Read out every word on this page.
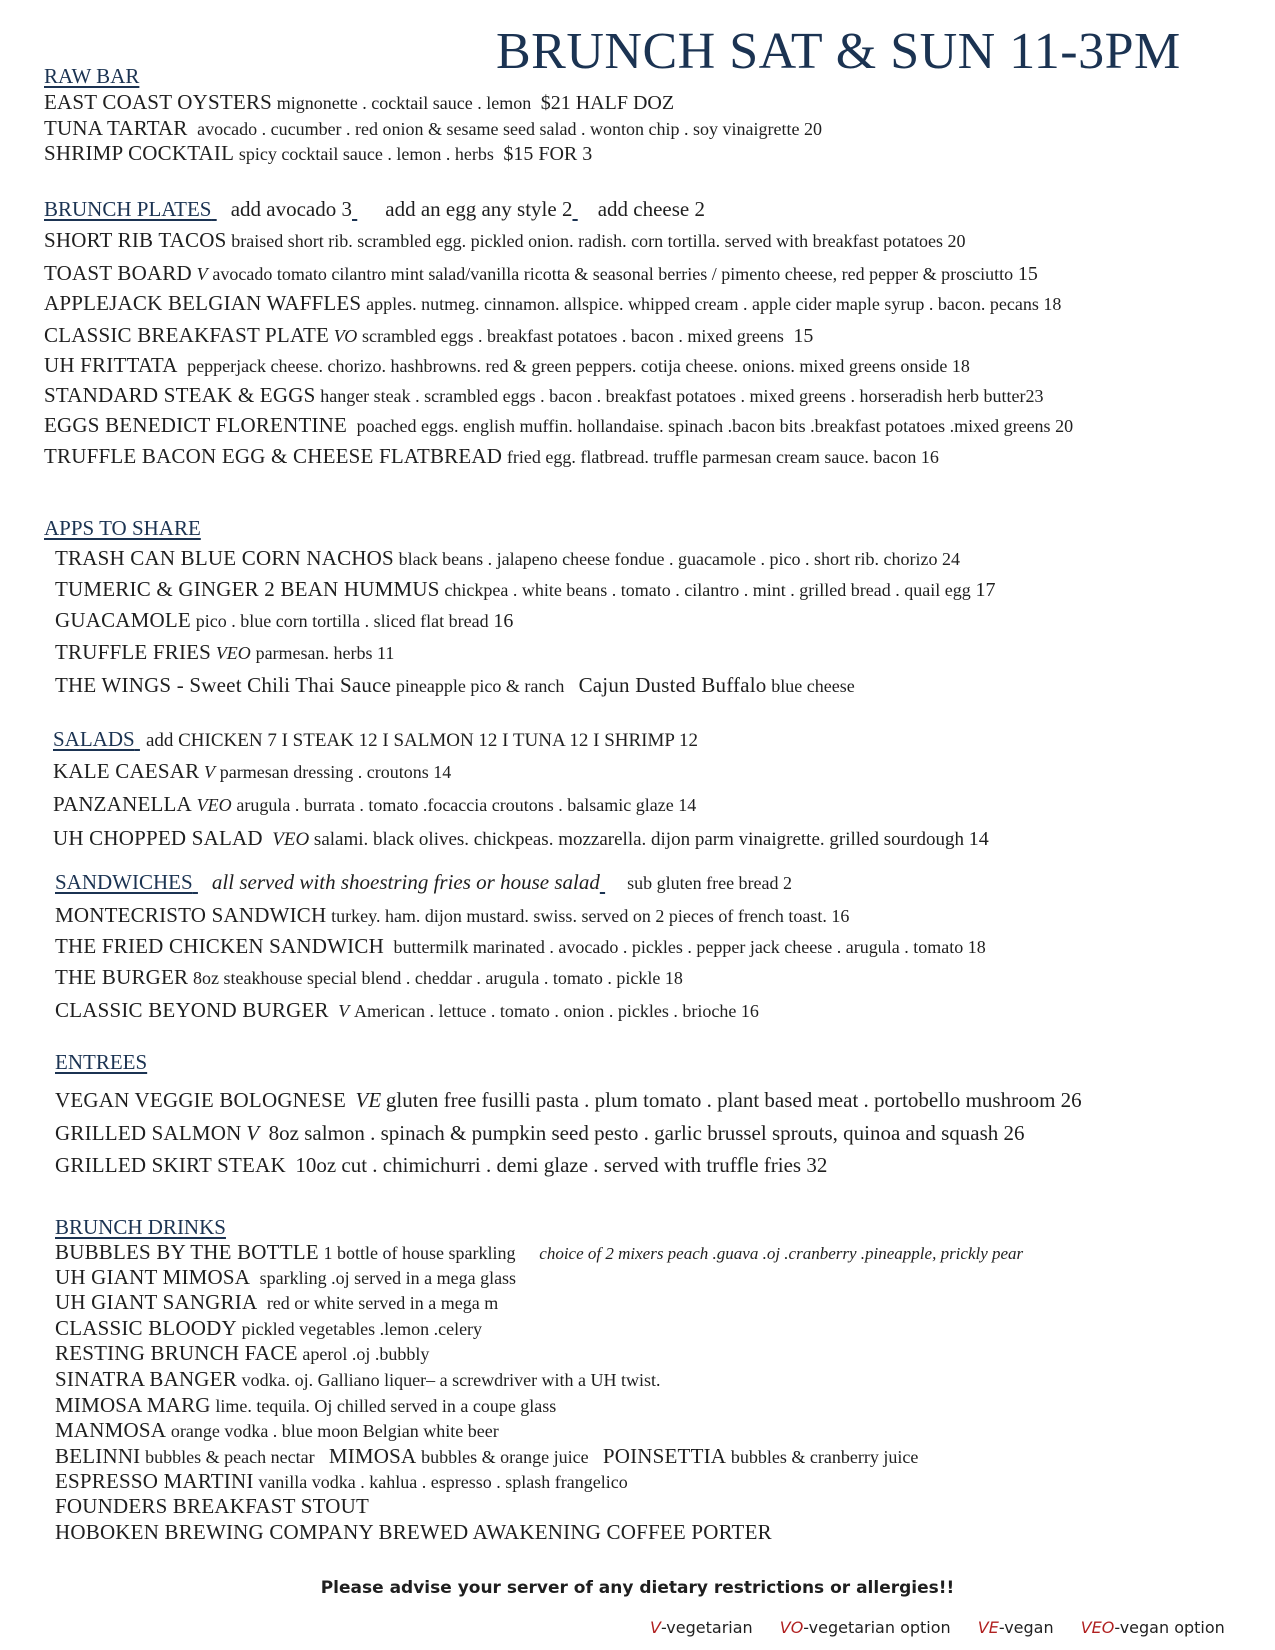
BRUNCH SAT & SUN 11-3PM
RAW BAR
EAST COAST OYSTERS mignonette . cocktail sauce . lemon $21 HALF DOZ
TUNA TARTAR avocado . cucumber . red onion & sesame seed salad . wonton chip . soy vinaigrette 20
SHRIMP COCKTAIL spicy cocktail sauce . lemon . herbs $15 FOR 3
BRUNCH PLATES add avocado 3 add an egg any style 2 add cheese 2
SHORT RIB TACOS braised short rib. scrambled egg. pickled onion. radish. corn tortilla. served with breakfast potatoes 20
TOAST BOARD V avocado tomato cilantro mint salad/vanilla ricotta & seasonal berries / pimento cheese, red pepper & prosciutto 15
APPLEJACK BELGIAN WAFFLES apples. nutmeg. cinnamon. allspice. whipped cream . apple cider maple syrup . bacon. pecans 18
CLASSIC BREAKFAST PLATE VO scrambled eggs . breakfast potatoes . bacon . mixed greens 15
UH FRITTATA pepperjack cheese. chorizo. hashbrowns. red & green peppers. cotija cheese. onions. mixed greens onside 18
STANDARD STEAK & EGGS hanger steak . scrambled eggs . bacon . breakfast potatoes . mixed greens . horseradish herb butter23
EGGS BENEDICT FLORENTINE poached eggs. english muffin. hollandaise. spinach .bacon bits .breakfast potatoes .mixed greens 20
TRUFFLE BACON EGG & CHEESE FLATBREAD fried egg. flatbread. truffle parmesan cream sauce. bacon 16
APPS TO SHARE
TRASH CAN BLUE CORN NACHOS black beans . jalapeno cheese fondue . guacamole . pico . short rib. chorizo 24
TUMERIC & GINGER 2 BEAN HUMMUS chickpea . white beans . tomato . cilantro . mint . grilled bread . quail egg 17
GUACAMOLE pico . blue corn tortilla . sliced flat bread 16
TRUFFLE FRIES VEO parmesan. herbs 11
THE WINGS - Sweet Chili Thai Sauce pineapple pico & ranch Cajun Dusted Buffalo blue cheese
SALADS add CHICKEN 7 I STEAK 12 I SALMON 12 I TUNA 12 I SHRIMP 12
KALE CAESAR V parmesan dressing . croutons 14
PANZANELLA VEO arugula . burrata . tomato .focaccia croutons . balsamic glaze 14
UH CHOPPED SALAD VEO salami. black olives. chickpeas. mozzarella. dijon parm vinaigrette. grilled sourdough 14
SANDWICHES all served with shoestring fries or house salad sub gluten free bread 2
MONTECRISTO SANDWICH turkey. ham. dijon mustard. swiss. served on 2 pieces of french toast. 16
THE FRIED CHICKEN SANDWICH buttermilk marinated . avocado . pickles . pepper jack cheese . arugula . tomato 18
THE BURGER 8oz steakhouse special blend . cheddar . arugula . tomato . pickle 18
CLASSIC BEYOND BURGER V American . lettuce . tomato . onion . pickles . brioche 16
ENTREES
VEGAN VEGGIE BOLOGNESE VE gluten free fusilli pasta . plum tomato . plant based meat . portobello mushroom 26
GRILLED SALMON V 8oz salmon . spinach & pumpkin seed pesto . garlic brussel sprouts, quinoa and squash 26
GRILLED SKIRT STEAK 10oz cut . chimichurri . demi glaze . served with truffle fries 32
BRUNCH DRINKS
BUBBLES BY THE BOTTLE 1 bottle of house sparkling choice of 2 mixers peach .guava .oj .cranberry .pineapple, prickly pear
UH GIANT MIMOSA sparkling .oj served in a mega glass
UH GIANT SANGRIA red or white served in a mega m
CLASSIC BLOODY pickled vegetables .lemon .celery
RESTING BRUNCH FACE aperol .oj .bubbly
SINATRA BANGER vodka. oj. Galliano liquer– a screwdriver with a UH twist.
MIMOSA MARG lime. tequila. Oj chilled served in a coupe glass
MANMOSA orange vodka . blue moon Belgian white beer
BELINNI bubbles & peach nectar MIMOSA bubbles & orange juice POINSETTIA bubbles & cranberry juice
ESPRESSO MARTINI vanilla vodka . kahlua . espresso . splash frangelico
FOUNDERS BREAKFAST STOUT
HOBOKEN BREWING COMPANY BREWED AWAKENING COFFEE PORTER
Please advise your server of any dietary restrictions or allergies!!
V-vegetarian VO-vegetarian option VE-vegan VEO-vegan option
